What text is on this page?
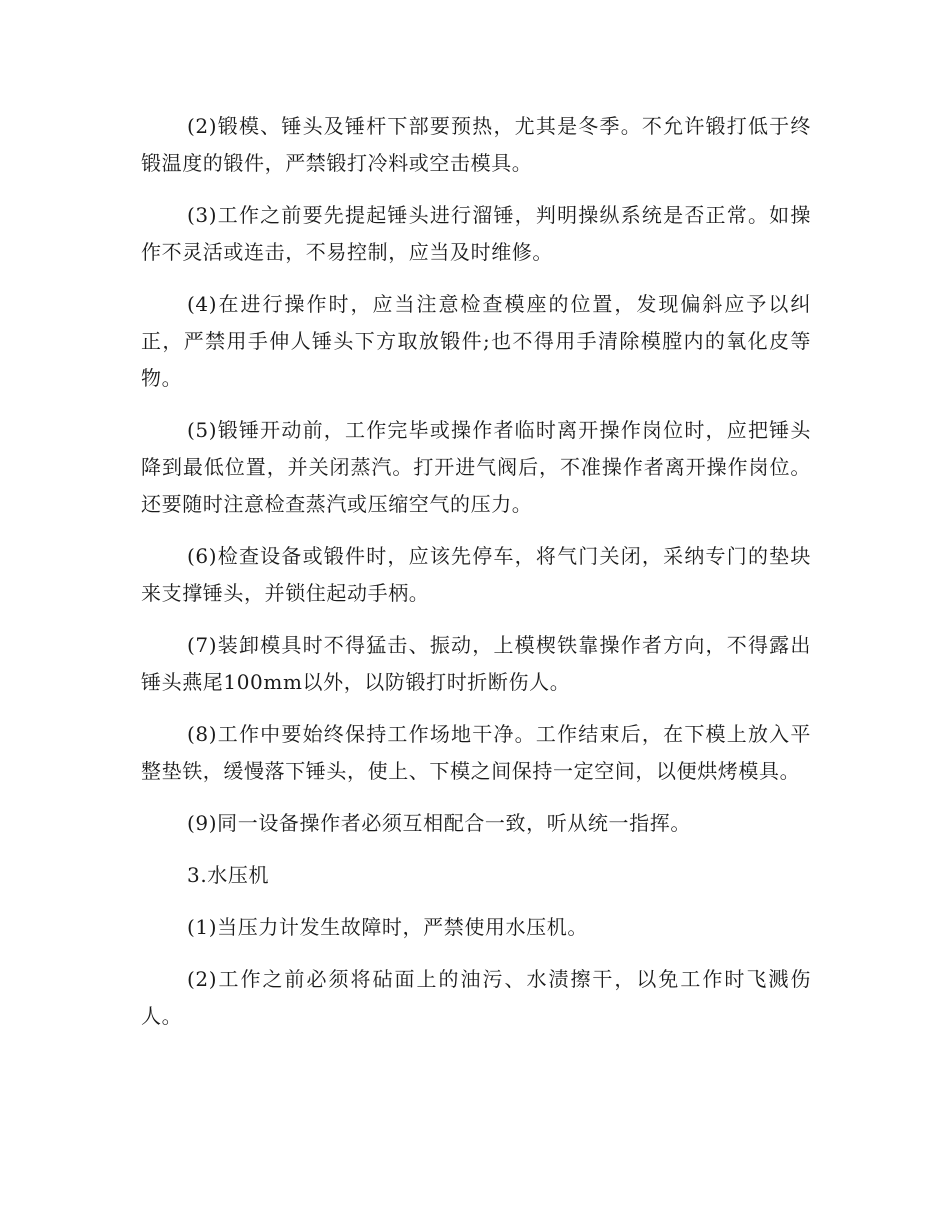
(2)锻模、锤头及锤杆下部要预热，尤其是冬季。不允许锻打低于终锻温度的锻件，严禁锻打冷料或空击模具。

(3)工作之前要先提起锤头进行溜锤，判明操纵系统是否正常。如操作不灵活或连击，不易控制，应当及时维修。

(4)在进行操作时，应当注意检查模座的位置，发现偏斜应予以纠正，严禁用手伸人锤头下方取放锻件;也不得用手清除模膛内的氧化皮等物。

(5)锻锤开动前，工作完毕或操作者临时离开操作岗位时，应把锤头降到最低位置，并关闭蒸汽。打开进气阀后，不准操作者离开操作岗位。还要随时注意检查蒸汽或压缩空气的压力。

(6)检查设备或锻件时，应该先停车，将气门关闭，采纳专门的垫块来支撑锤头，并锁住起动手柄。

(7)装卸模具时不得猛击、振动，上模楔铁靠操作者方向，不得露出锤头燕尾100mm以外，以防锻打时折断伤人。

(8)工作中要始终保持工作场地干净。工作结束后，在下模上放入平整垫铁，缓慢落下锤头，使上、下模之间保持一定空间，以便烘烤模具。

(9)同一设备操作者必须互相配合一致，听从统一指挥。

3.水压机

(1)当压力计发生故障时，严禁使用水压机。

(2)工作之前必须将砧面上的油污、水渍擦干，以免工作时飞溅伤人。
